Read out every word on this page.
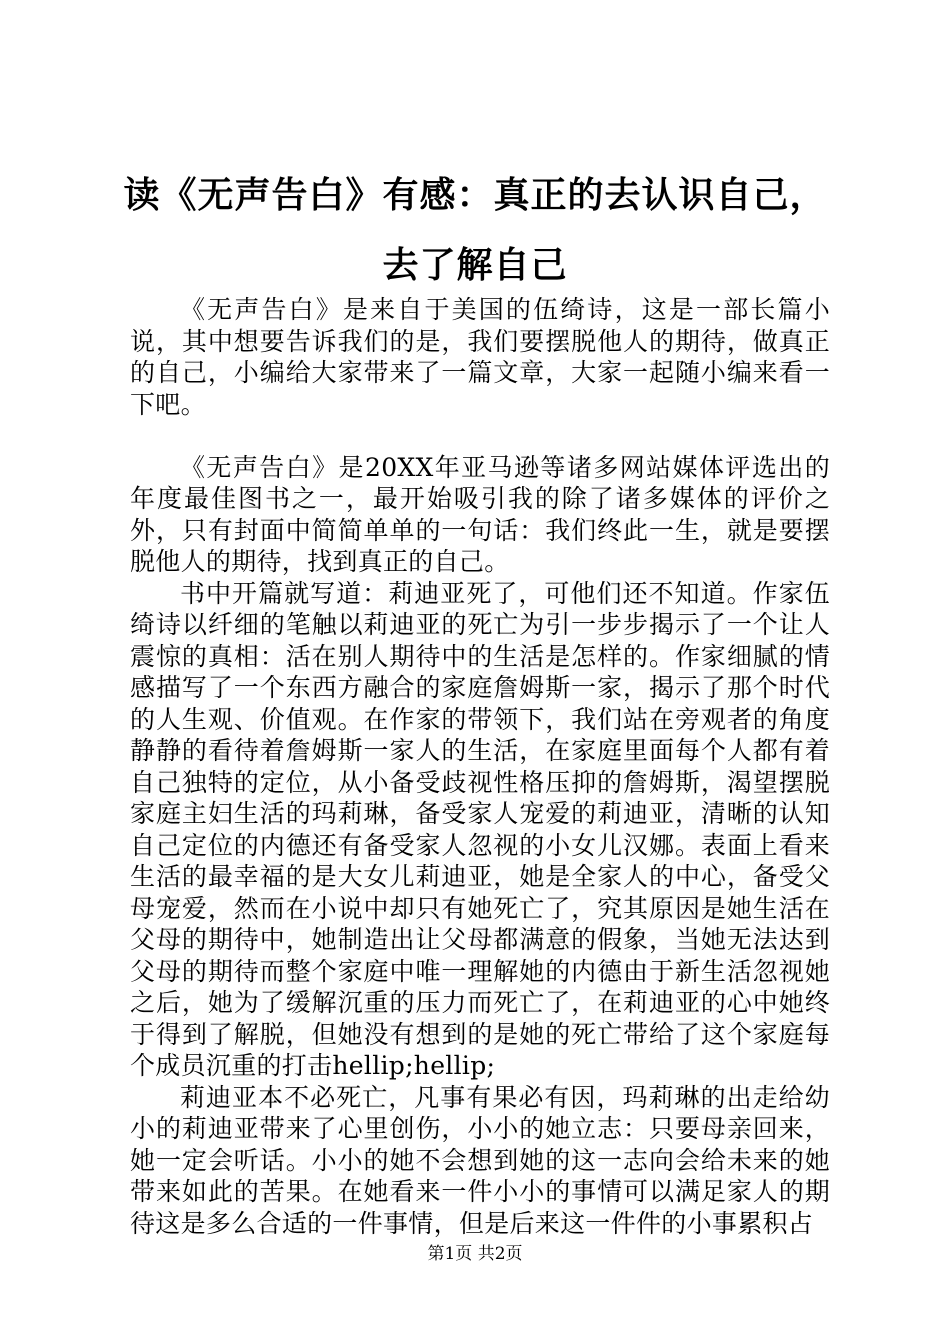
读《无声告白》有感：真正的去认识自己，去了解自己

《无声告白》是来自于美国的伍绮诗，这是一部长篇小说，其中想要告诉我们的是，我们要摆脱他人的期待，做真正的自己，小编给大家带来了一篇文章，大家一起随小编来看一下吧。

《无声告白》是20XX年亚马逊等诸多网站媒体评选出的年度最佳图书之一，最开始吸引我的除了诸多媒体的评价之外，只有封面中简简单单的一句话：我们终此一生，就是要摆脱他人的期待，找到真正的自己。

书中开篇就写道：莉迪亚死了，可他们还不知道。作家伍绮诗以纤细的笔触以莉迪亚的死亡为引一步步揭示了一个让人震惊的真相：活在别人期待中的生活是怎样的。作家细腻的情感描写了一个东西方融合的家庭詹姆斯一家，揭示了那个时代的人生观、价值观。在作家的带领下，我们站在旁观者的角度静静的看待着詹姆斯一家人的生活，在家庭里面每个人都有着自己独特的定位，从小备受歧视性格压抑的詹姆斯，渴望摆脱家庭主妇生活的玛莉琳，备受家人宠爱的莉迪亚，清晰的认知自己定位的内德还有备受家人忽视的小女儿汉娜。表面上看来生活的最幸福的是大女儿莉迪亚，她是全家人的中心，备受父母宠爱，然而在小说中却只有她死亡了，究其原因是她生活在父母的期待中，她制造出让父母都满意的假象，当她无法达到父母的期待而整个家庭中唯一理解她的内德由于新生活忽视她之后，她为了缓解沉重的压力而死亡了，在莉迪亚的心中她终于得到了解脱，但她没有想到的是她的死亡带给了这个家庭每个成员沉重的打击hellip;hellip;

莉迪亚本不必死亡，凡事有果必有因，玛莉琳的出走给幼小的莉迪亚带来了心里创伤，小小的她立志：只要母亲回来，她一定会听话。小小的她不会想到她的这一志向会给未来的她带来如此的苦果。在她看来一件小小的事情可以满足家人的期待这是多么合适的一件事情，但是后来这一件件的小事累积占

第1页 共2页
